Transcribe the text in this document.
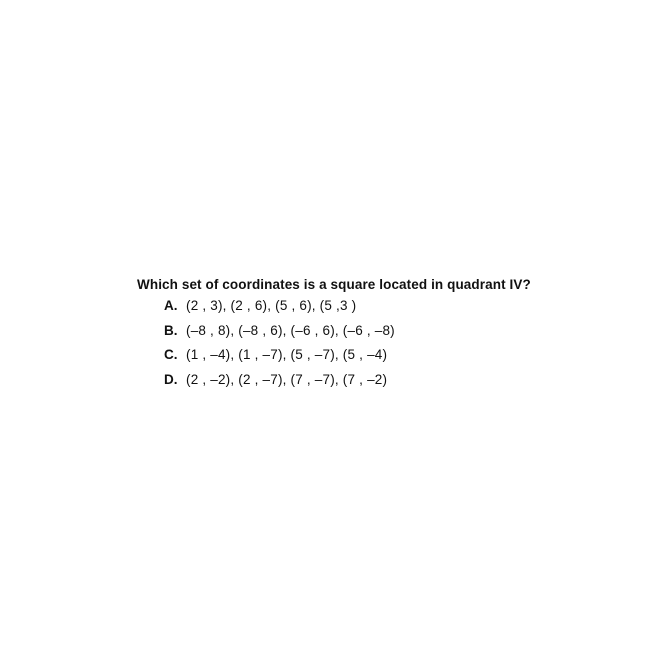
Which set of coordinates is a square located in quadrant IV?

A. (2 , 3), (2 , 6), (5 , 6), (5 ,3 )
B. (–8 , 8), (–8 , 6), (–6 , 6), (–6 , –8)
C. (1 , –4), (1 , –7), (5 , –7), (5 , –4)
D. (2 , –2), (2 , –7), (7 , –7), (7 , –2)
